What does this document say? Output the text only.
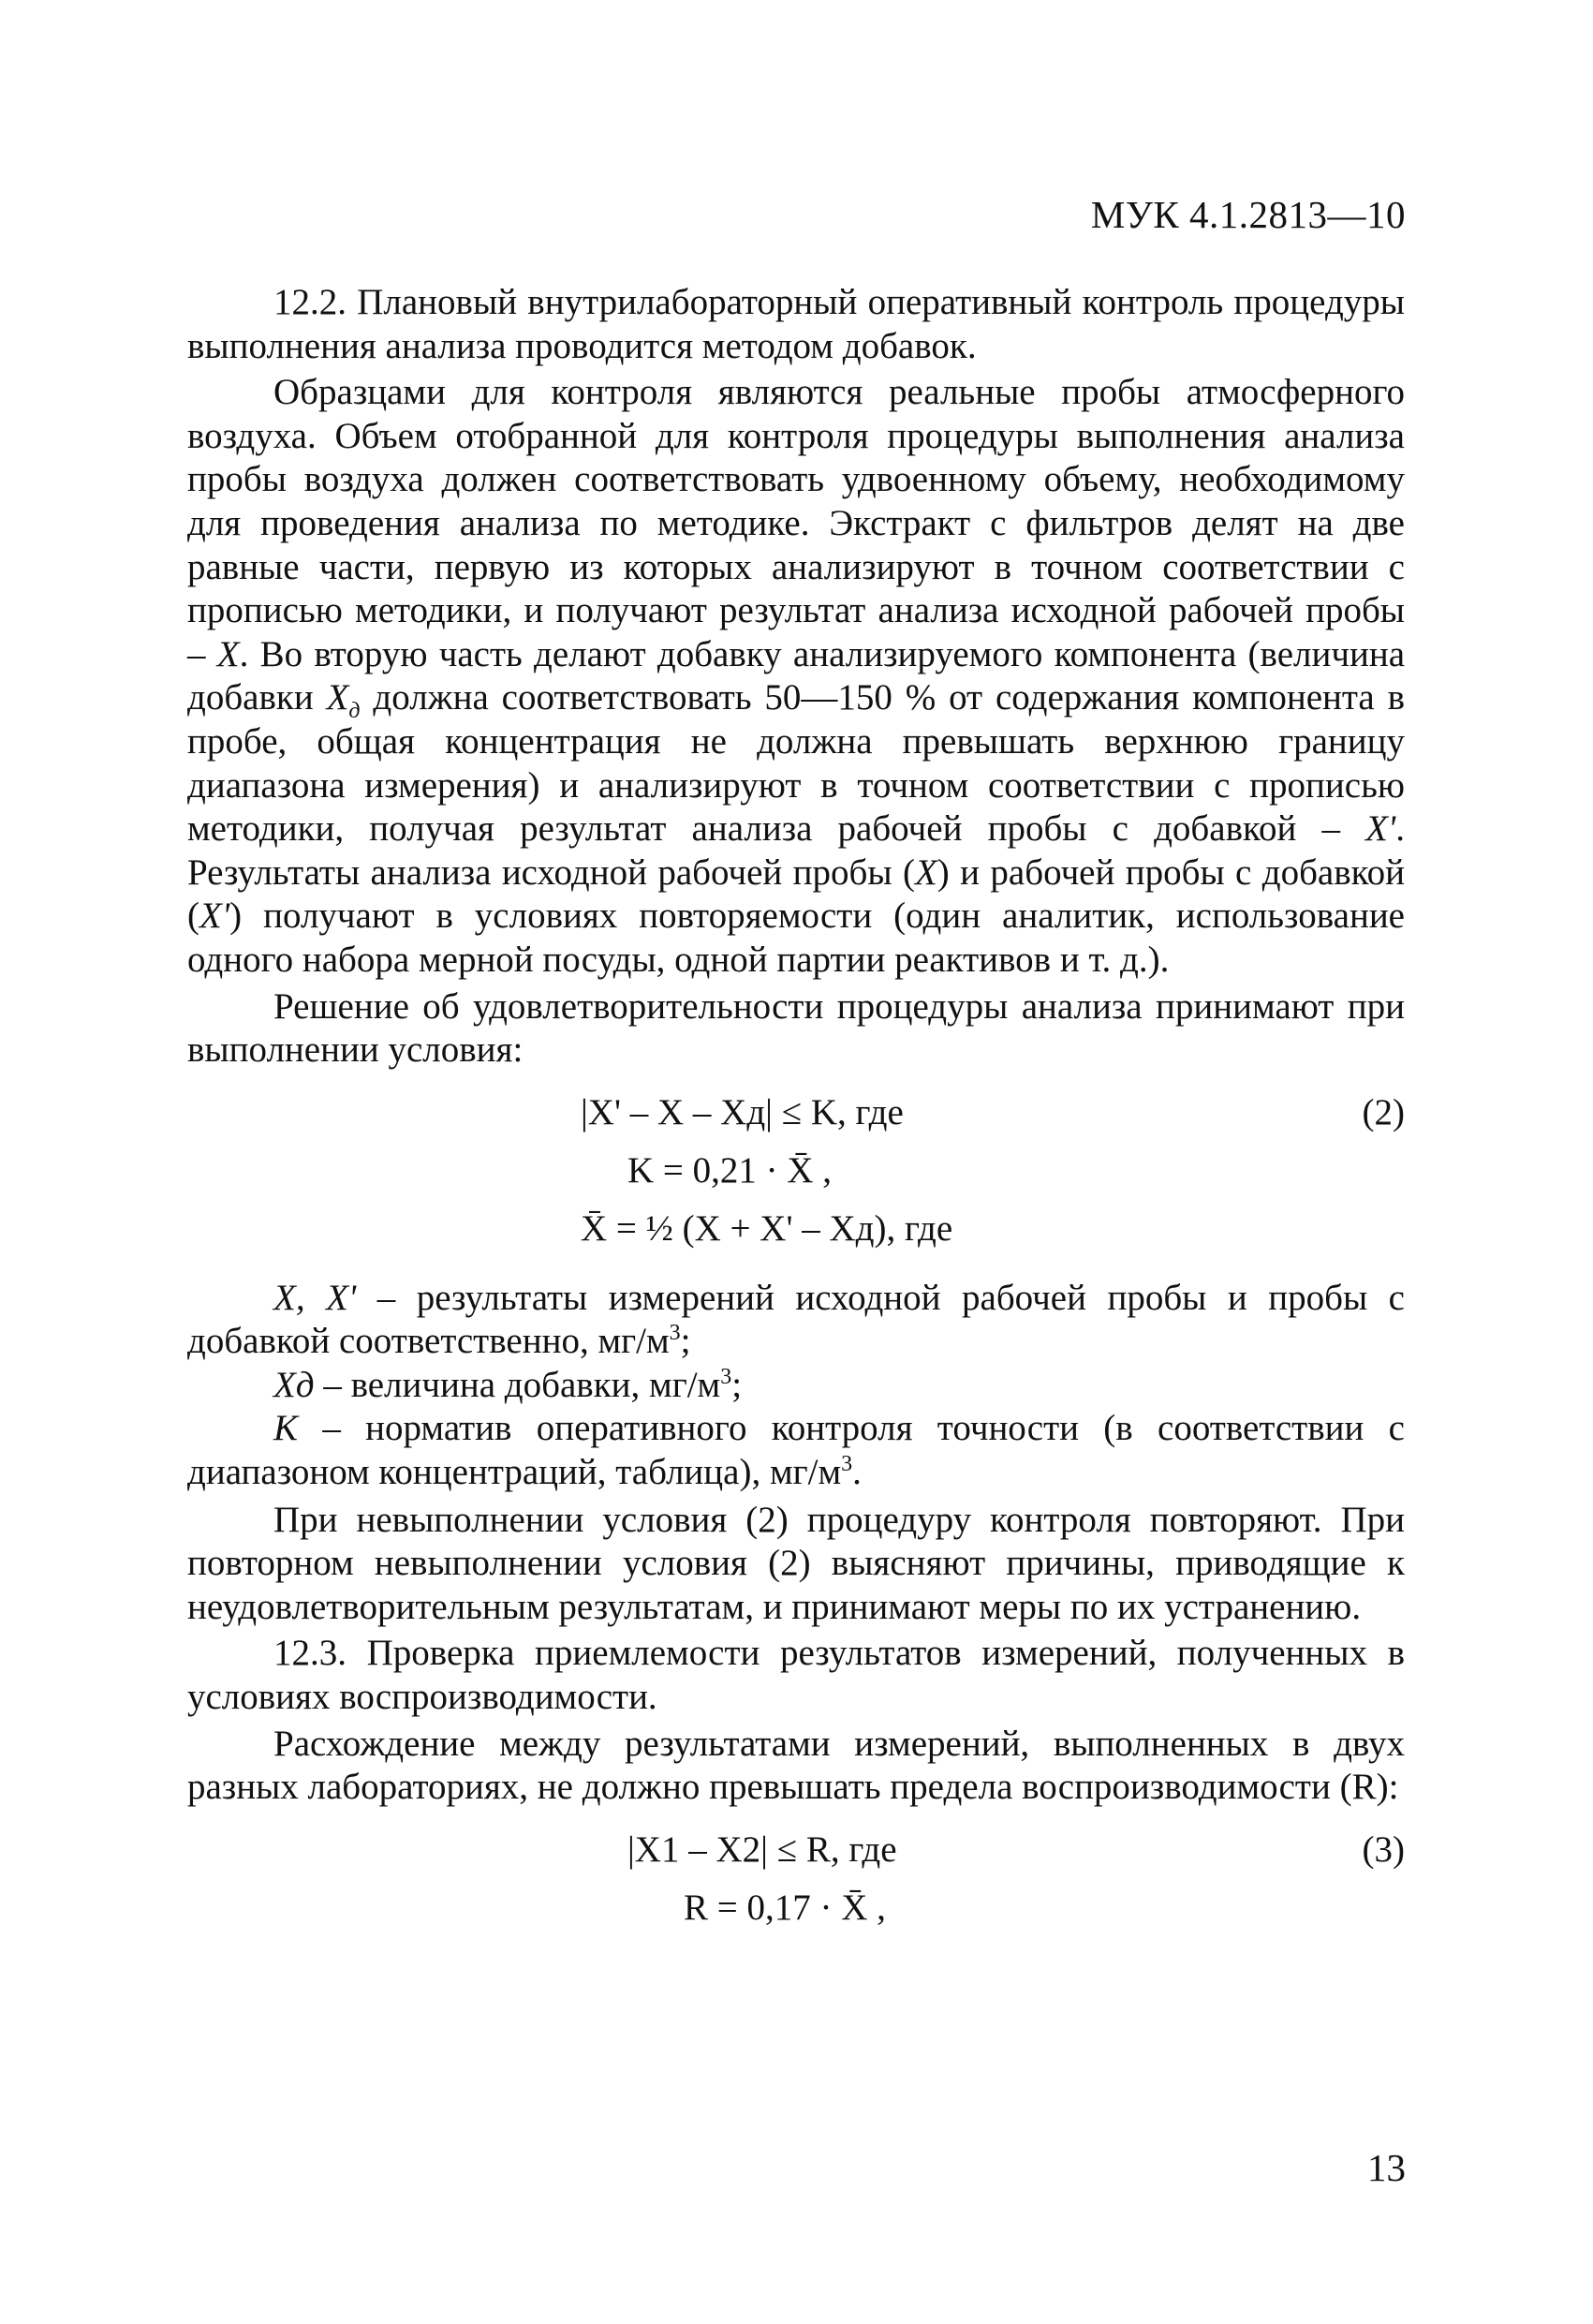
МУК 4.1.2813—10

12.2. Плановый внутрилабораторный оперативный контроль процедуры выполнения анализа проводится методом добавок.

Образцами для контроля являются реальные пробы атмосферного воздуха. Объем отобранной для контроля процедуры выполнения анализа пробы воздуха должен соответствовать удвоенному объему, необходимому для проведения анализа по методике. Экстракт с фильтров делят на две равные части, первую из которых анализируют в точном соответствии с прописью методики, и получают результат анализа исходной рабочей пробы – X. Во вторую часть делают добавку анализируемого компонента (величина добавки $X_д$ должна соответствовать 50—150 % от содержания компонента в пробе, общая концентрация не должна превышать верхнюю границу диапазона измерения) и анализируют в точном соответствии с прописью методики, получая результат анализа рабочей пробы с добавкой – X'. Результаты анализа исходной рабочей пробы (X) и рабочей пробы с добавкой (X') получают в условиях повторяемости (один аналитик, использование одного набора мерной посуды, одной партии реактивов и т. д.).

Решение об удовлетворительности процедуры анализа принимают при выполнении условия:

|X' – X – Xд| ≤ K, где	(2)
K = 0,21 · X̄ ,
X̄ = ½ (X + X' – Xд), где
X, X' – результаты измерений исходной рабочей пробы и пробы с добавкой соответственно, $мг/м^3$;
Xд – величина добавки, $мг/м^3$;
K – норматив оперативного контроля точности (в соответствии с диапазоном концентраций, таблица), $мг/м^3$.

При невыполнении условия (2) процедуру контроля повторяют. При повторном невыполнении условия (2) выясняют причины, приводящие к неудовлетворительным результатам, и принимают меры по их устранению.

12.3. Проверка приемлемости результатов измерений, полученных в условиях воспроизводимости.

Расхождение между результатами измерений, выполненных в двух разных лабораториях, не должно превышать предела воспроизводимости (R):

|X1 – X2| ≤ R, где	(3)
R = 0,17 · X̄ ,
13
